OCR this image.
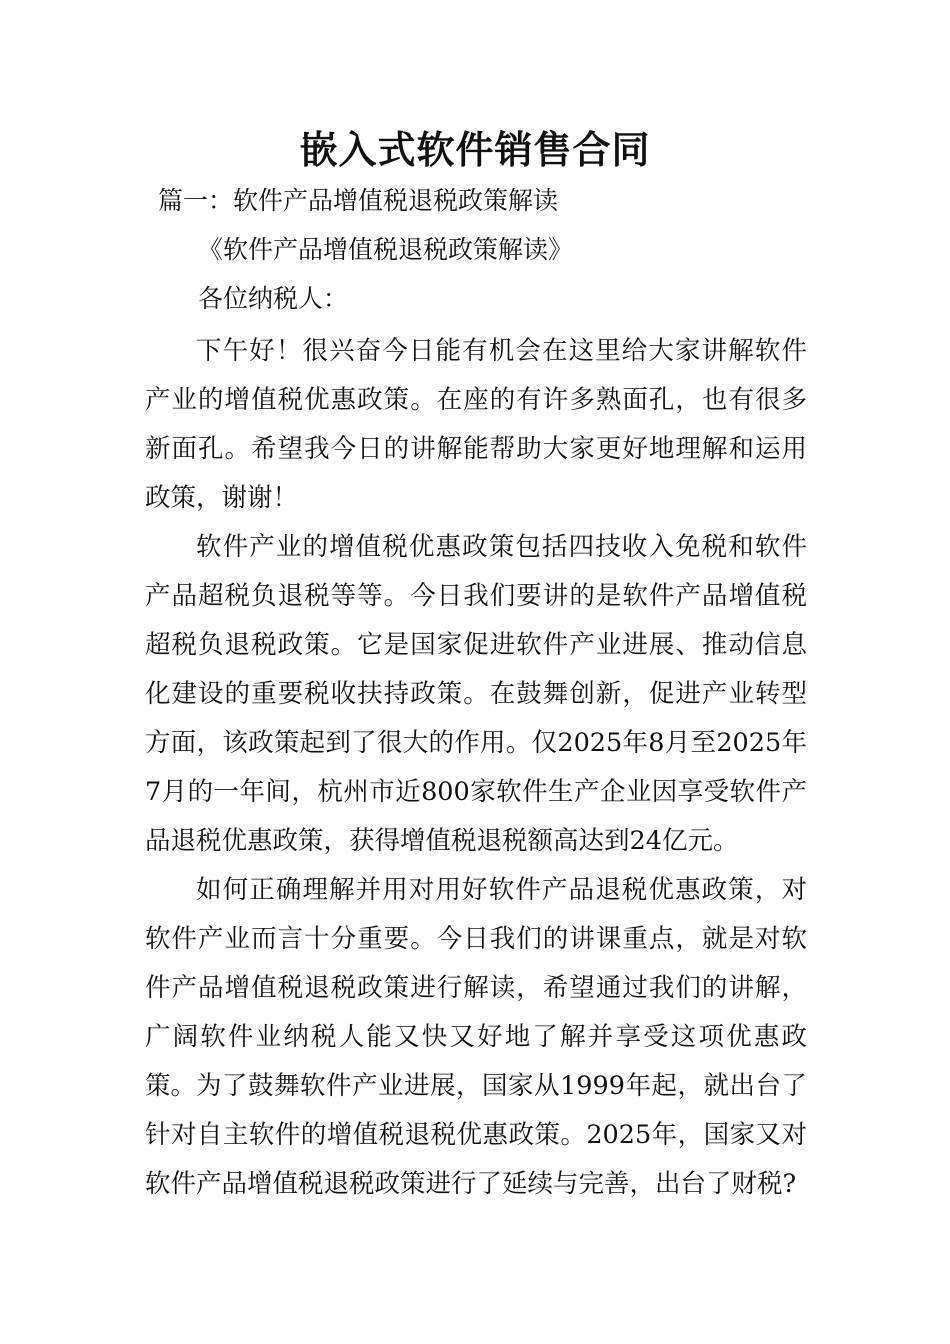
嵌入式软件销售合同

篇一：软件产品增值税退税政策解读

《软件产品增值税退税政策解读》

各位纳税人：

下午好！很兴奋今日能有机会在这里给大家讲解软件产业的增值税优惠政策。在座的有许多熟面孔，也有很多新面孔。希望我今日的讲解能帮助大家更好地理解和运用政策，谢谢！

软件产业的增值税优惠政策包括四技收入免税和软件产品超税负退税等等。今日我们要讲的是软件产品增值税超税负退税政策。它是国家促进软件产业进展、推动信息化建设的重要税收扶持政策。在鼓舞创新，促进产业转型方面，该政策起到了很大的作用。仅2025年8月至2025年7月的一年间，杭州市近800家软件生产企业因享受软件产品退税优惠政策，获得增值税退税额高达到24亿元。

如何正确理解并用对用好软件产品退税优惠政策，对软件产业而言十分重要。今日我们的讲课重点，就是对软件产品增值税退税政策进行解读，希望通过我们的讲解，广阔软件业纳税人能又快又好地了解并享受这项优惠政策。 为了鼓舞软件产业进展，国家从1999年起，就出台了针对自主软件的增值税退税优惠政策。2025年，国家又对软件产品增值税退税政策进行了延续与完善，出台了财税?
